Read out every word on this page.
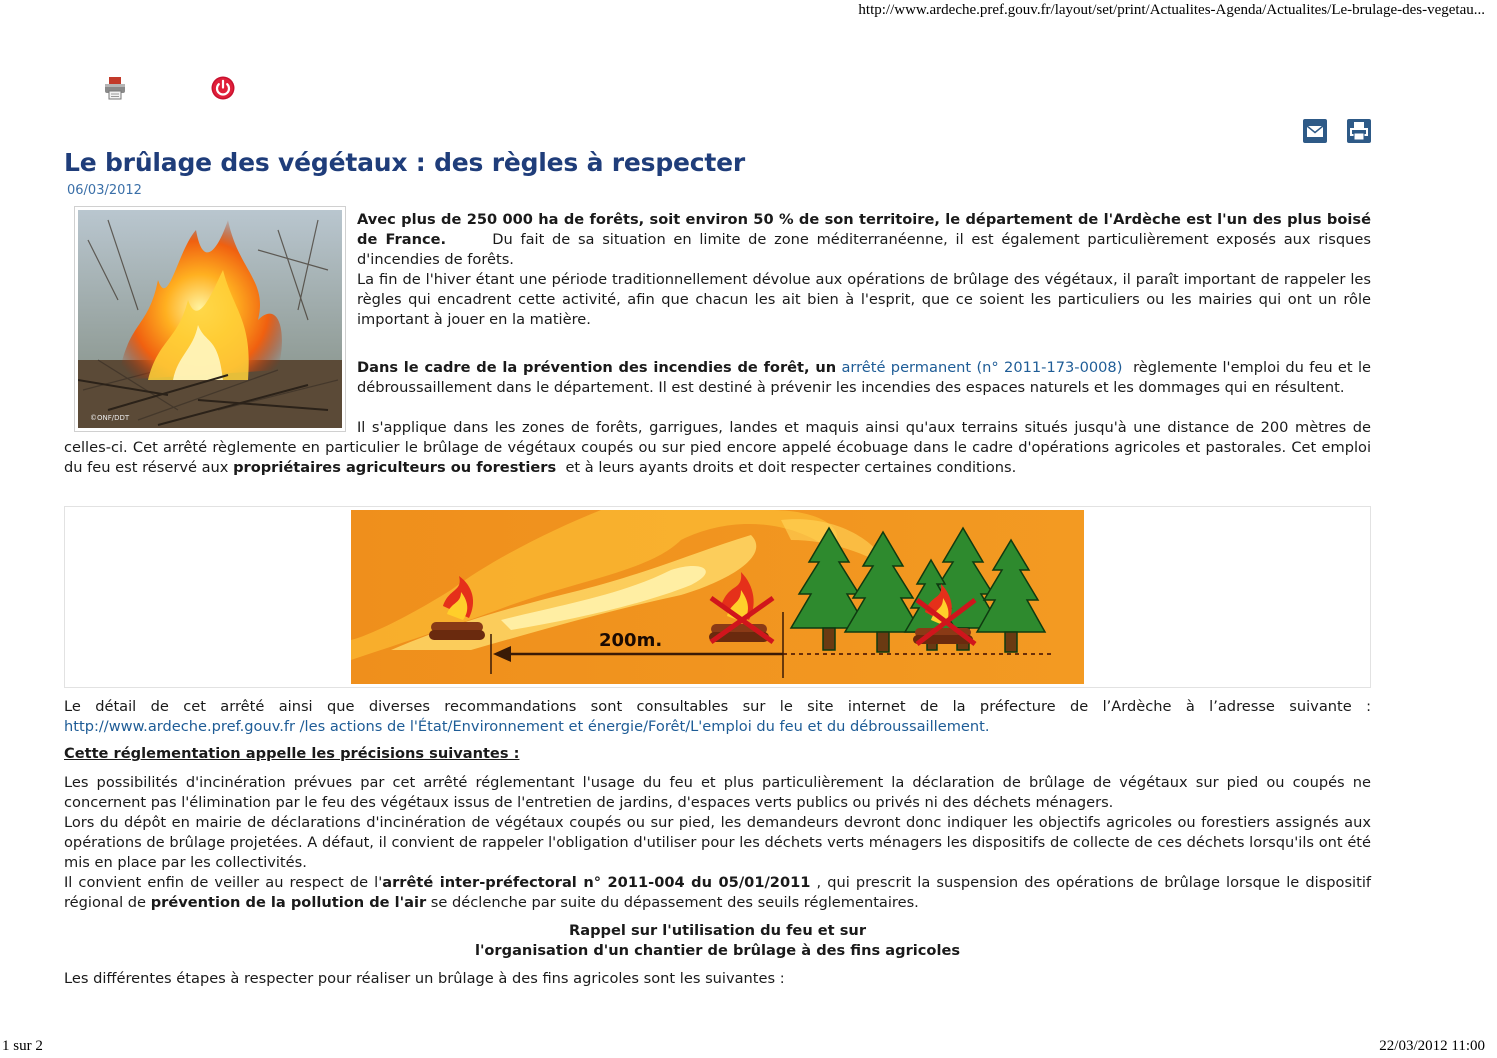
http://www.ardeche.pref.gouv.fr/layout/set/print/Actualites-Agenda/Actualites/Le-brulage-des-vegetau...
Le brûlage des végétaux : des règles à respecter
06/03/2012
©ONF/DDT

Avec plus de 250 000 ha de forêts, soit environ 50 % de son territoire, le département de l'Ardèche est l'un des plus boisé de France.	Du fait de sa situation en limite de zone méditerranéenne, il est également particulièrement exposés aux risques d'incendies de forêts.

La fin de l'hiver étant une période traditionnellement dévolue aux opérations de brûlage des végétaux, il paraît important de rappeler les règles qui encadrent cette activité, afin que chacun les ait bien à l'esprit, que ce soient les particuliers ou les mairies qui ont un rôle important à jouer en la matière.

Dans le cadre de la prévention des incendies de forêt, un arrêté permanent (n° 2011-173-0008) règlemente l'emploi du feu et le débroussaillement dans le département. Il est destiné à prévenir les incendies des espaces naturels et les dommages qui en résultent.

Il s'applique dans les zones de forêts, garrigues, landes et maquis ainsi qu'aux terrains situés jusqu'à une distance de 200 mètres de celles-ci. Cet arrêté règlemente en particulier le brûlage de végétaux coupés ou sur pied encore appelé écobuage dans le cadre d'opérations agricoles et pastorales. Cet emploi du feu est réservé aux propriétaires agriculteurs ou forestiers et à leurs ayants droits et doit respecter certaines conditions.
200m.

Le détail de cet arrêté ainsi que diverses recommandations sont consultables sur le site internet de la préfecture de l’Ardèche à l’adresse suivante : http://www.ardeche.pref.gouv.fr /les actions de l'État/Environnement et énergie/Forêt/L'emploi du feu et du débroussaillement.

Cette réglementation appelle les précisions suivantes :

Les possibilités d'incinération prévues par cet arrêté réglementant l'usage du feu et plus particulièrement la déclaration de brûlage de végétaux sur pied ou coupés ne concernent pas l'élimination par le feu des végétaux issus de l'entretien de jardins, d'espaces verts publics ou privés ni des déchets ménagers.

Lors du dépôt en mairie de déclarations d'incinération de végétaux coupés ou sur pied, les demandeurs devront donc indiquer les objectifs agricoles ou forestiers assignés aux opérations de brûlage projetées. A défaut, il convient de rappeler l'obligation d'utiliser pour les déchets verts ménagers les dispositifs de collecte de ces déchets lorsqu'ils ont été mis en place par les collectivités.

Il convient enfin de veiller au respect de l'arrêté inter-préfectoral n° 2011-004 du 05/01/2011 , qui prescrit la suspension des opérations de brûlage lorsque le dispositif régional de prévention de la pollution de l'air se déclenche par suite du dépassement des seuils réglementaires.

Rappel sur l'utilisation du feu et sur

l'organisation d'un chantier de brûlage à des fins agricoles

Les différentes étapes à respecter pour réaliser un brûlage à des fins agricoles sont les suivantes :

1 sur 2	22/03/2012 11:00
